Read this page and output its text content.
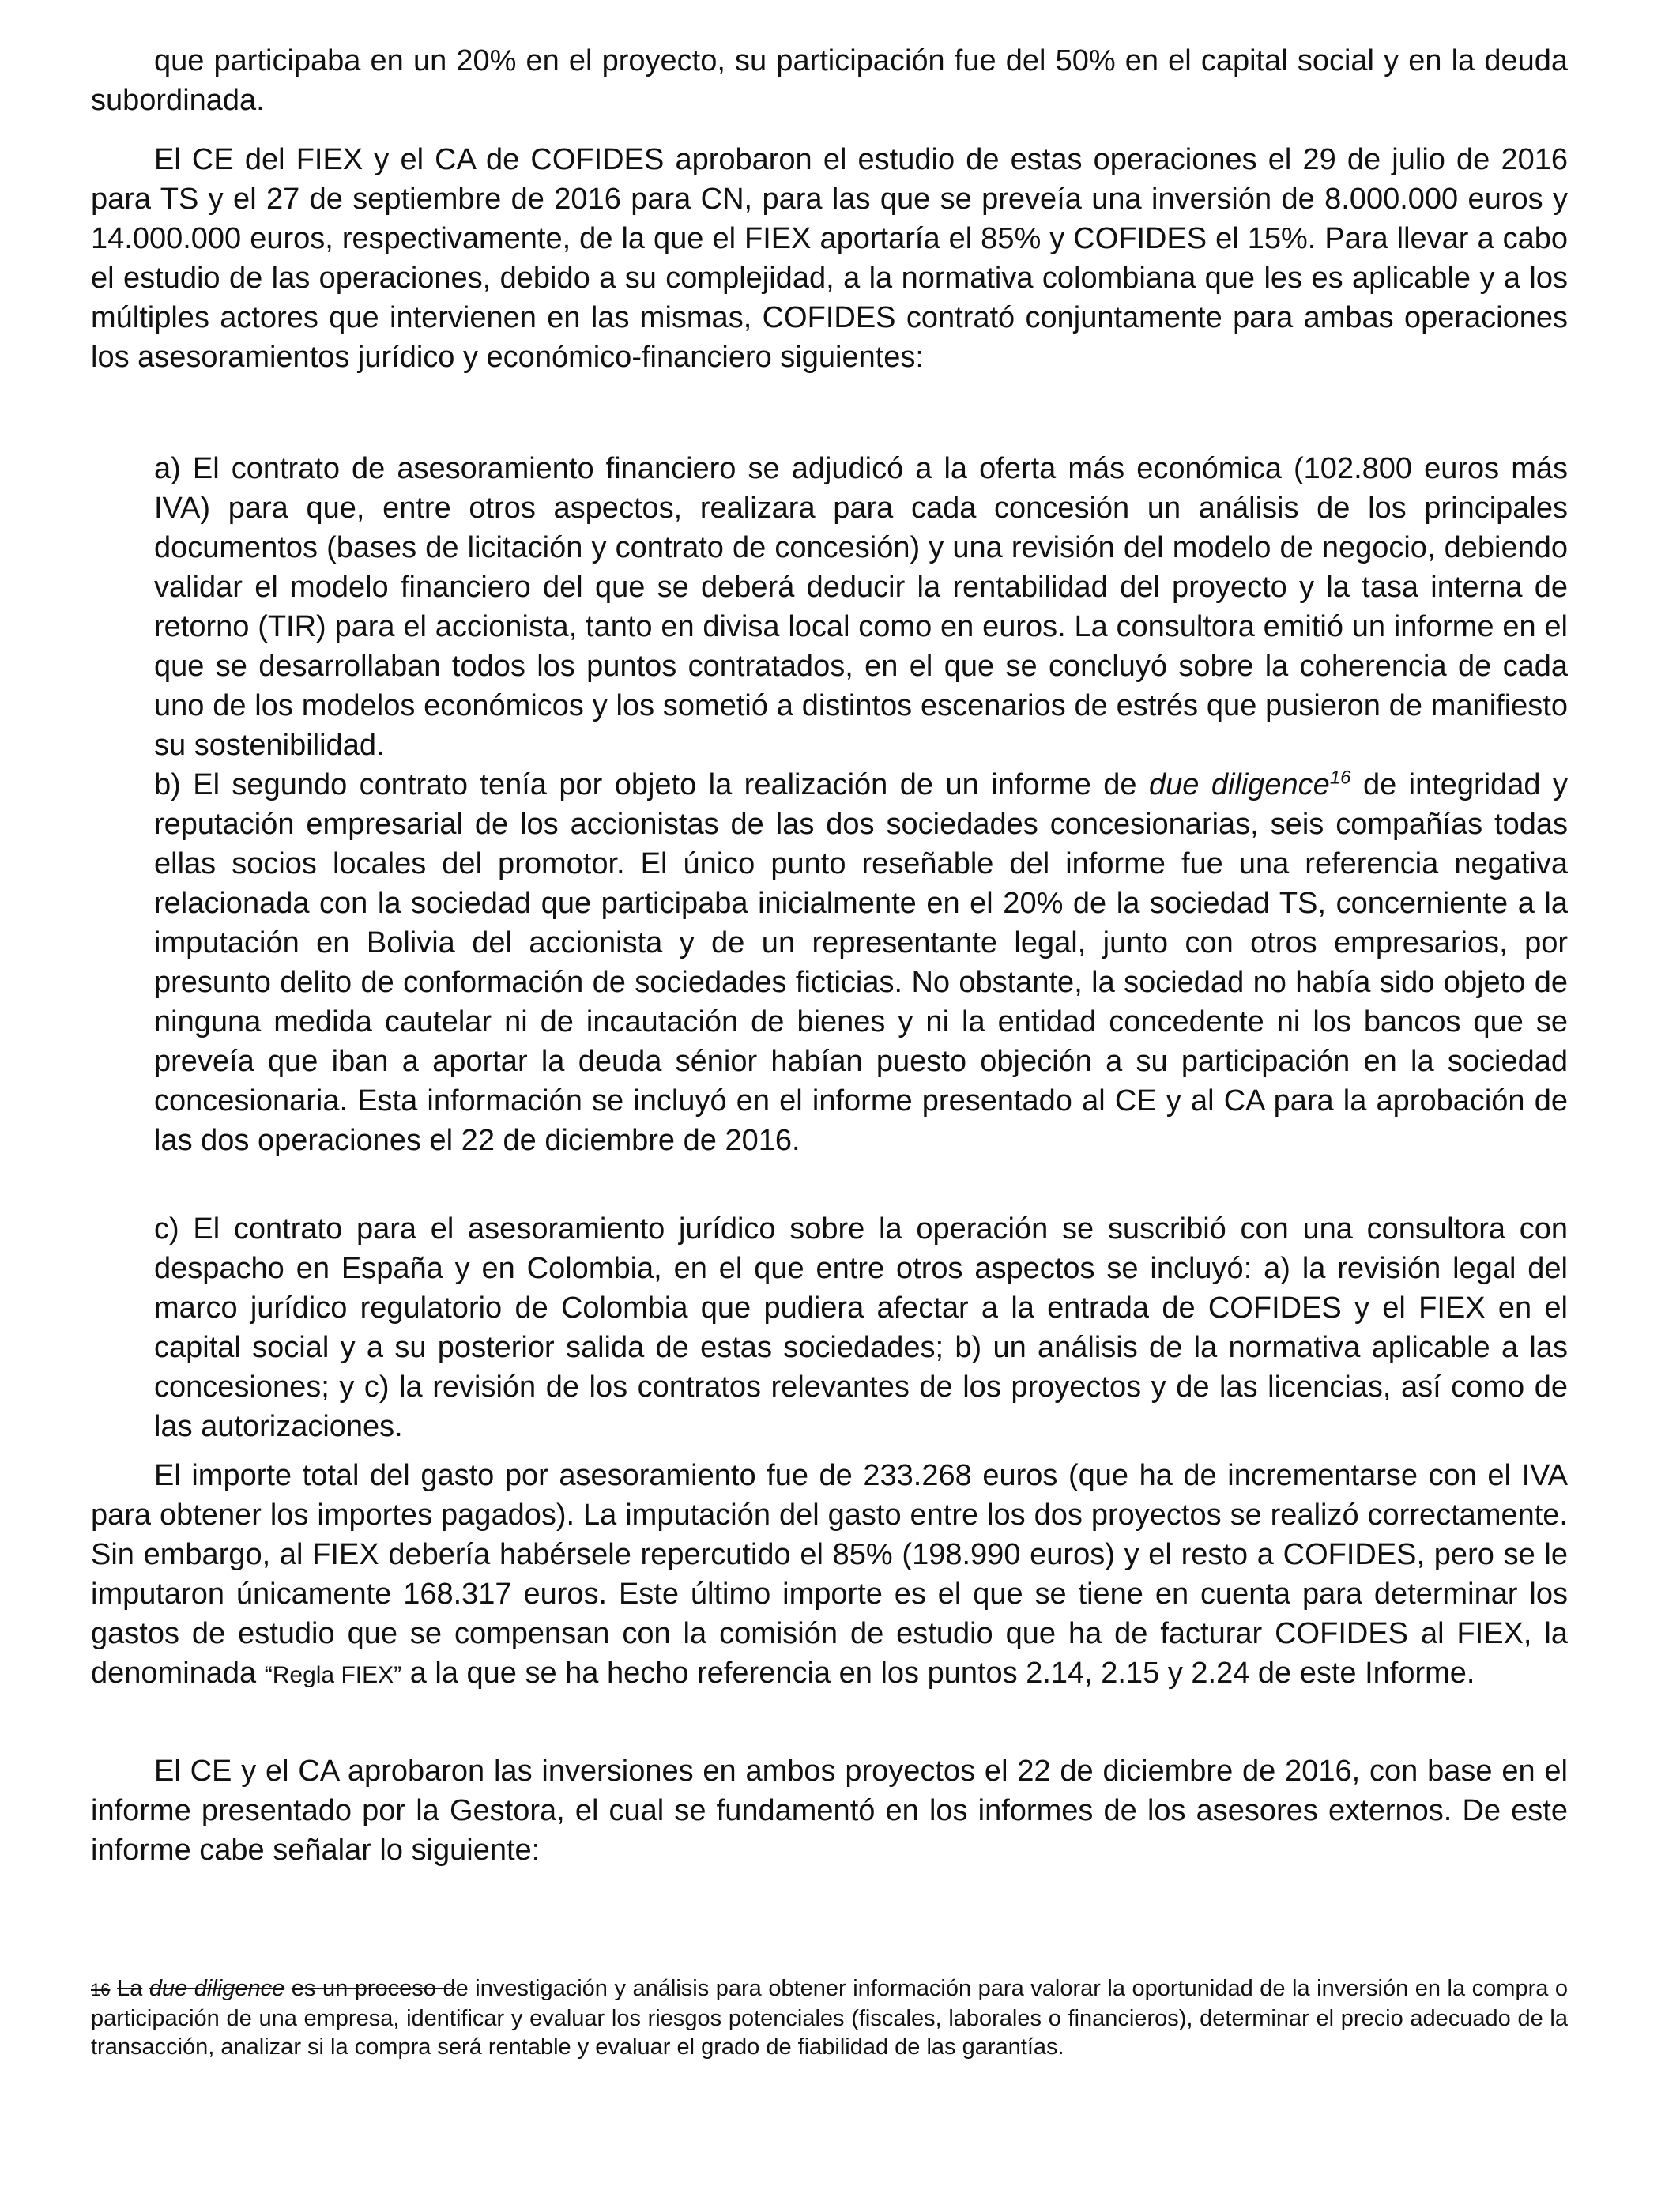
que participaba en un 20% en el proyecto, su participación fue del 50% en el capital social y en la deuda subordinada.

El CE del FIEX y el CA de COFIDES aprobaron el estudio de estas operaciones el 29 de julio de 2016 para TS y el 27 de septiembre de 2016 para CN, para las que se preveía una inversión de 8.000.000 euros y 14.000.000 euros, respectivamente, de la que el FIEX aportaría el 85% y COFIDES el 15%. Para llevar a cabo el estudio de las operaciones, debido a su complejidad, a la normativa colombiana que les es aplicable y a los múltiples actores que intervienen en las mismas, COFIDES contrató conjuntamente para ambas operaciones los asesoramientos jurídico y económico-financiero siguientes:

a) El contrato de asesoramiento financiero se adjudicó a la oferta más económica (102.800 euros más IVA) para que, entre otros aspectos, realizara para cada concesión un análisis de los principales documentos (bases de licitación y contrato de concesión) y una revisión del modelo de negocio, debiendo validar el modelo financiero del que se deberá deducir la rentabilidad del proyecto y la tasa interna de retorno (TIR) para el accionista, tanto en divisa local como en euros. La consultora emitió un informe en el que se desarrollaban todos los puntos contratados, en el que se concluyó sobre la coherencia de cada uno de los modelos económicos y los sometió a distintos escenarios de estrés que pusieron de manifiesto su sostenibilidad.

b) El segundo contrato tenía por objeto la realización de un informe de due diligence$^{16}$ de integridad y reputación empresarial de los accionistas de las dos sociedades concesionarias, seis compañías todas ellas socios locales del promotor. El único punto reseñable del informe fue una referencia negativa relacionada con la sociedad que participaba inicialmente en el 20% de la sociedad TS, concerniente a la imputación en Bolivia del accionista y de un representante legal, junto con otros empresarios, por presunto delito de conformación de sociedades ficticias. No obstante, la sociedad no había sido objeto de ninguna medida cautelar ni de incautación de bienes y ni la entidad concedente ni los bancos que se preveía que iban a aportar la deuda sénior habían puesto objeción a su participación en la sociedad concesionaria. Esta información se incluyó en el informe presentado al CE y al CA para la aprobación de las dos operaciones el 22 de diciembre de 2016.

c) El contrato para el asesoramiento jurídico sobre la operación se suscribió con una consultora con despacho en España y en Colombia, en el que entre otros aspectos se incluyó: a) la revisión legal del marco jurídico regulatorio de Colombia que pudiera afectar a la entrada de COFIDES y el FIEX en el capital social y a su posterior salida de estas sociedades; b) un análisis de la normativa aplicable a las concesiones; y c) la revisión de los contratos relevantes de los proyectos y de las licencias, así como de las autorizaciones.

El importe total del gasto por asesoramiento fue de 233.268 euros (que ha de incrementarse con el IVA para obtener los importes pagados). La imputación del gasto entre los dos proyectos se realizó correctamente. Sin embargo, al FIEX debería habérsele repercutido el 85% (198.990 euros) y el resto a COFIDES, pero se le imputaron únicamente 168.317 euros. Este último importe es el que se tiene en cuenta para determinar los gastos de estudio que se compensan con la comisión de estudio que ha de facturar COFIDES al FIEX, la denominada “Regla FIEX” a la que se ha hecho referencia en los puntos 2.14, 2.15 y 2.24 de este Informe.

El CE y el CA aprobaron las inversiones en ambos proyectos el 22 de diciembre de 2016, con base en el informe presentado por la Gestora, el cual se fundamentó en los informes de los asesores externos. De este informe cabe señalar lo siguiente:

16 La due diligence es un proceso de investigación y análisis para obtener información para valorar la oportunidad de la inversión en la compra o participación de una empresa, identificar y evaluar los riesgos potenciales (fiscales, laborales o financieros), determinar el precio adecuado de la transacción, analizar si la compra será rentable y evaluar el grado de fiabilidad de las garantías.
